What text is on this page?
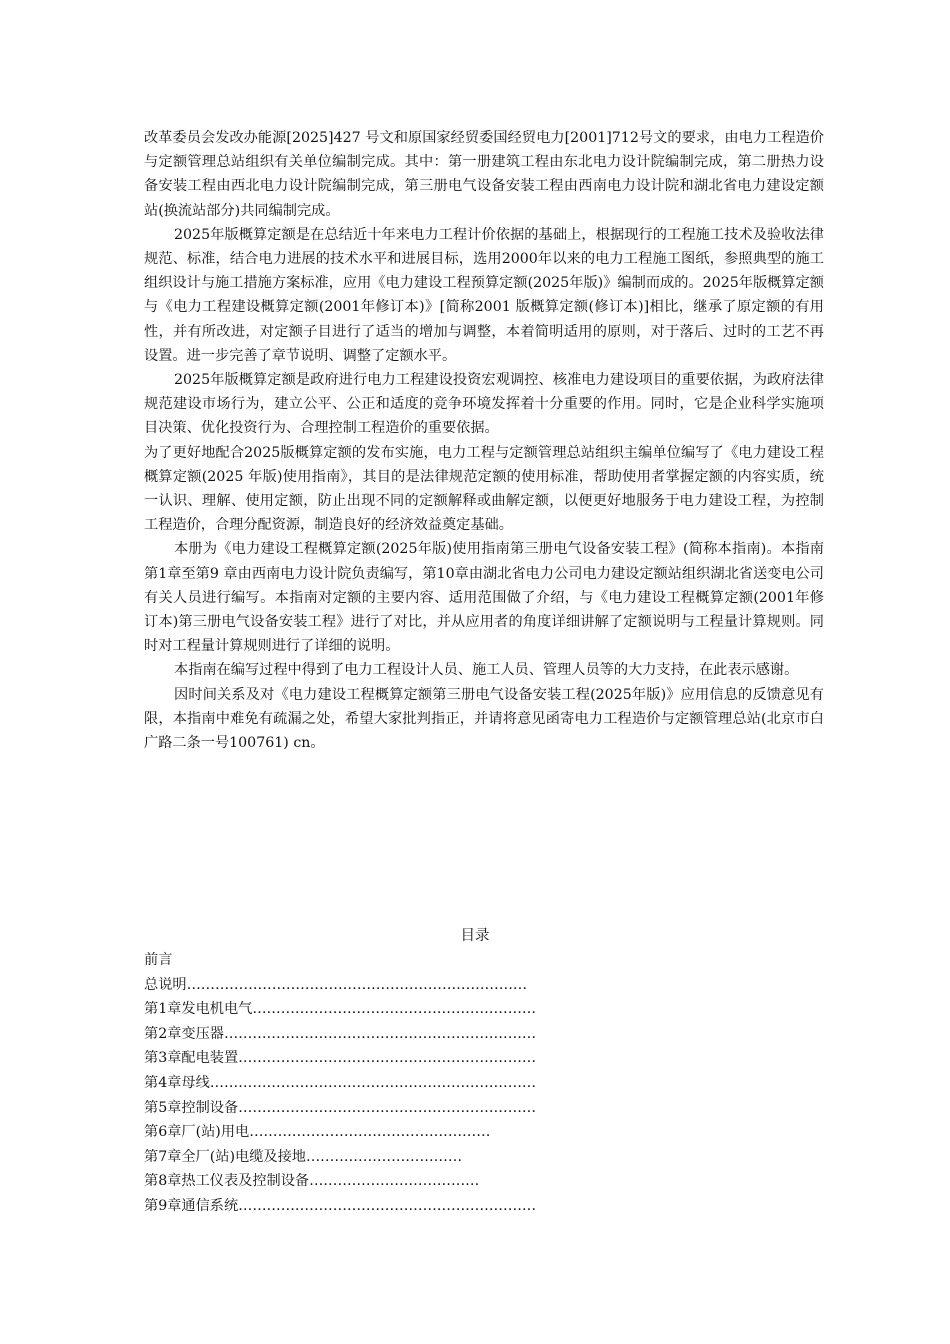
改革委员会发改办能源[2025]427 号文和原国家经贸委国经贸电力[2001]712号文的要求，由电力工程造价与定额管理总站组织有关单位编制完成。其中：第一册建筑工程由东北电力设计院编制完成，第二册热力设备安装工程由西北电力设计院编制完成，第三册电气设备安装工程由西南电力设计院和湖北省电力建设定额站(换流站部分)共同编制完成。

2025年版概算定额是在总结近十年来电力工程计价依据的基础上，根据现行的工程施工技术及验收法律规范、标准，结合电力进展的技术水平和进展目标，选用2000年以来的电力工程施工图纸，参照典型的施工组织设计与施工措施方案标准，应用《电力建设工程预算定额(2025年版)》编制而成的。2025年版概算定额与《电力工程建设概算定额(2001年修订本)》[简称2001 版概算定额(修订本)]相比，继承了原定额的有用性，并有所改进，对定额子目进行了适当的增加与调整，本着简明适用的原则，对于落后、过时的工艺不再设置。进一步完善了章节说明、调整了定额水平。

2025年版概算定额是政府进行电力工程建设投资宏观调控、核准电力建设项目的重要依据，为政府法律规范建设市场行为，建立公平、公正和适度的竞争环境发挥着十分重要的作用。同时，它是企业科学实施项目决策、优化投资行为、合理控制工程造价的重要依据。

为了更好地配合2025版概算定额的发布实施，电力工程与定额管理总站组织主编单位编写了《电力建设工程概算定额(2025 年版)使用指南》，其目的是法律规范定额的使用标准，帮助使用者掌握定额的内容实质，统一认识、理解、使用定额，防止出现不同的定额解释或曲解定额，以便更好地服务于电力建设工程，为控制工程造价，合理分配资源，制造良好的经济效益奠定基础。

本册为《电力建设工程概算定额(2025年版)使用指南第三册电气设备安装工程》(简称本指南)。本指南第1章至第9 章由西南电力设计院负责编写，第10章由湖北省电力公司电力建设定额站组织湖北省送变电公司有关人员进行编写。本指南对定额的主要内容、适用范围做了介绍，与《电力建设工程概算定额(2001年修订本)第三册电气设备安装工程》进行了对比，并从应用者的角度详细讲解了定额说明与工程量计算规则。同时对工程量计算规则进行了详细的说明。

本指南在编写过程中得到了电力工程设计人员、施工人员、管理人员等的大力支持，在此表示感谢。

因时间关系及对《电力建设工程概算定额第三册电气设备安装工程(2025年版)》应用信息的反馈意见有限，本指南中难免有疏漏之处，希望大家批判指正，并请将意见函寄电力工程造价与定额管理总站(北京市白广路二条一号100761) cn。

目录
前言
总说明………………………………………………………………
第1章发电机电气……………………………………………………
第2章变压器…………………………………………………………
第3章配电装置………………………………………………………
第4章母线……………………………………………………………
第5章控制设备………………………………………………………
第6章厂(站)用电……………………………………………
第7章全厂(站)电缆及接地……………………………
第8章热工仪表及控制设备………………………………
第9章通信系统………………………………………………………
